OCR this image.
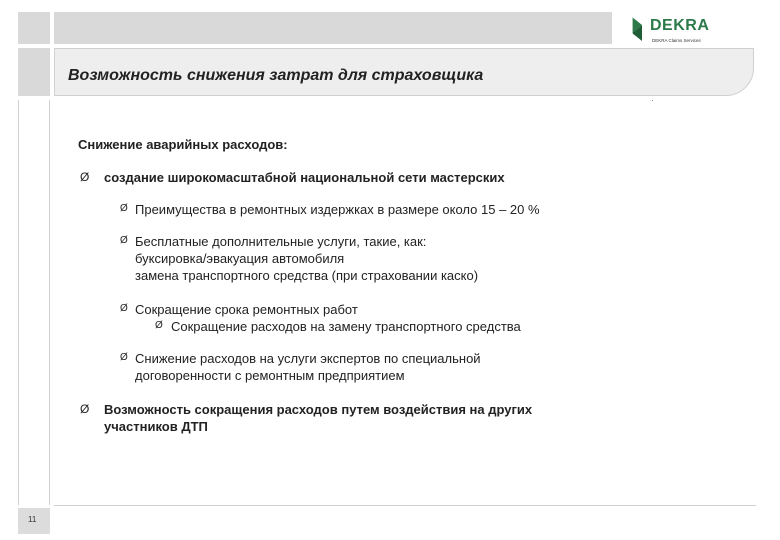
Возможность снижения затрат для страховщика
DEKRA
DEKRA Claims Services
11
Снижение аварийных расходов:
Ø создание широкомасштабной национальной сети мастерских
Ø Преимущества в ремонтных издержках в размере около 15 – 20 %
Ø Бесплатные дополнительные услуги, такие, как:
буксировка/эвакуация автомобиля
замена транспортного средства (при страховании каско)
Ø Сокращение срока ремонтных работ
Ø Сокращение расходов на замену транспортного средства
Ø Снижение расходов на услуги экспертов по специальной
договоренности с ремонтным предприятием
Ø Возможность сокращения расходов путем воздействия на других
участников ДТП
